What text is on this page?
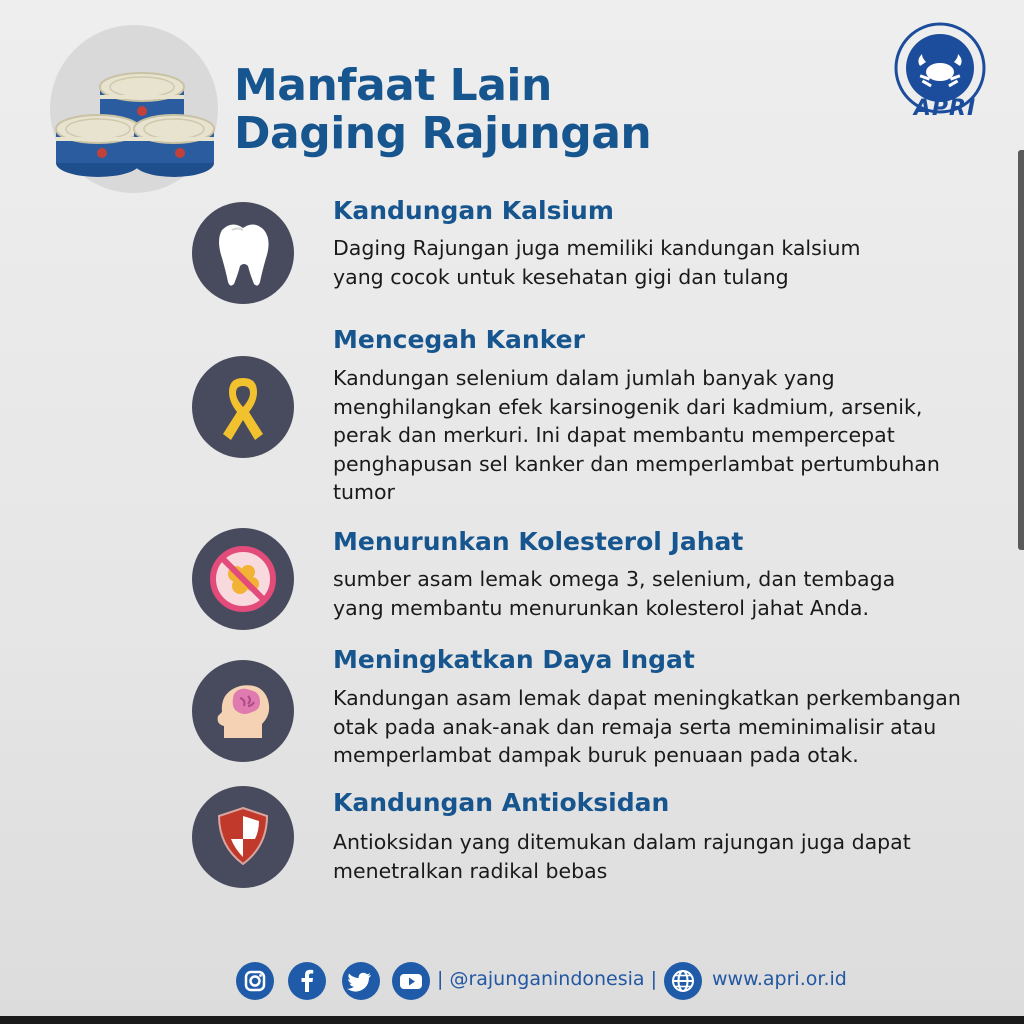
Manfaat Lain
Daging Rajungan	APRI
Kandungan Kalsium

Daging Rajungan juga memiliki kandungan kalsium yang cocok untuk kesehatan gigi dan tulang

Mencegah Kanker

Kandungan selenium dalam jumlah banyak yang menghilangkan efek karsinogenik dari kadmium, arsenik, perak dan merkuri. Ini dapat membantu mempercepat penghapusan sel kanker dan memperlambat pertumbuhan tumor

Menurunkan Kolesterol Jahat

sumber asam lemak omega 3, selenium, dan tembaga yang membantu menurunkan kolesterol jahat Anda.

Meningkatkan Daya Ingat

Kandungan asam lemak dapat meningkatkan perkembangan otak pada anak-anak dan remaja serta meminimalisir atau memperlambat dampak buruk penuaan pada otak.

Kandungan Antioksidan

Antioksidan yang ditemukan dalam rajungan juga dapat menetralkan radikal bebas

| @rajunganindonesia |	www.apri.or.id
